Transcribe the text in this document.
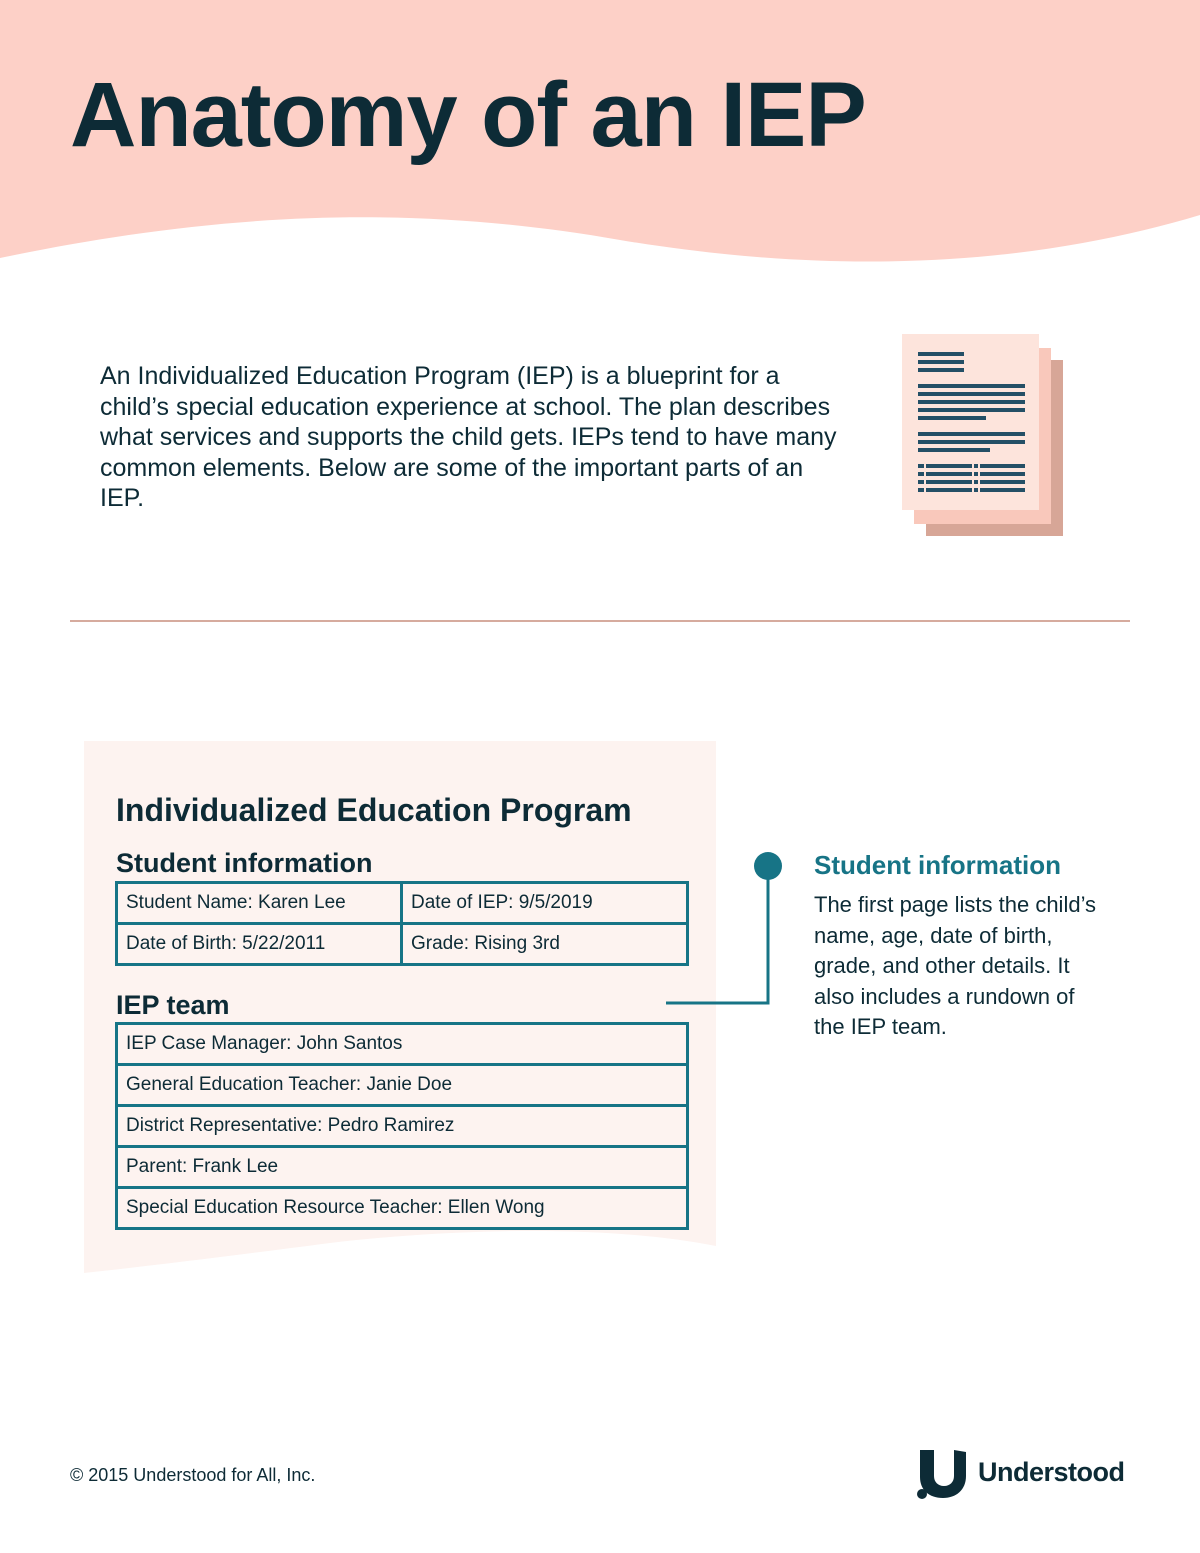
Anatomy of an IEP

An Individualized Education Program (IEP) is a blueprint for a child’s special education experience at school. The plan describes what services and supports the child gets. IEPs tend to have many common elements. Below are some of the important parts of an IEP.

Individualized Education Program
Student information
Student Name: Karen Lee	Date of IEP: 9/5/2019
Date of Birth: 5/22/2011	Grade: Rising 3rd
IEP team
IEP Case Manager: John Santos
General Education Teacher: Janie Doe
District Representative: Pedro Ramirez
Parent: Frank Lee
Special Education Resource Teacher: Ellen Wong
Student information

The first page lists the child’s name, age, date of birth, grade, and other details. It also includes a rundown of the IEP team.

© 2015 Understood for All, Inc.	Understood
